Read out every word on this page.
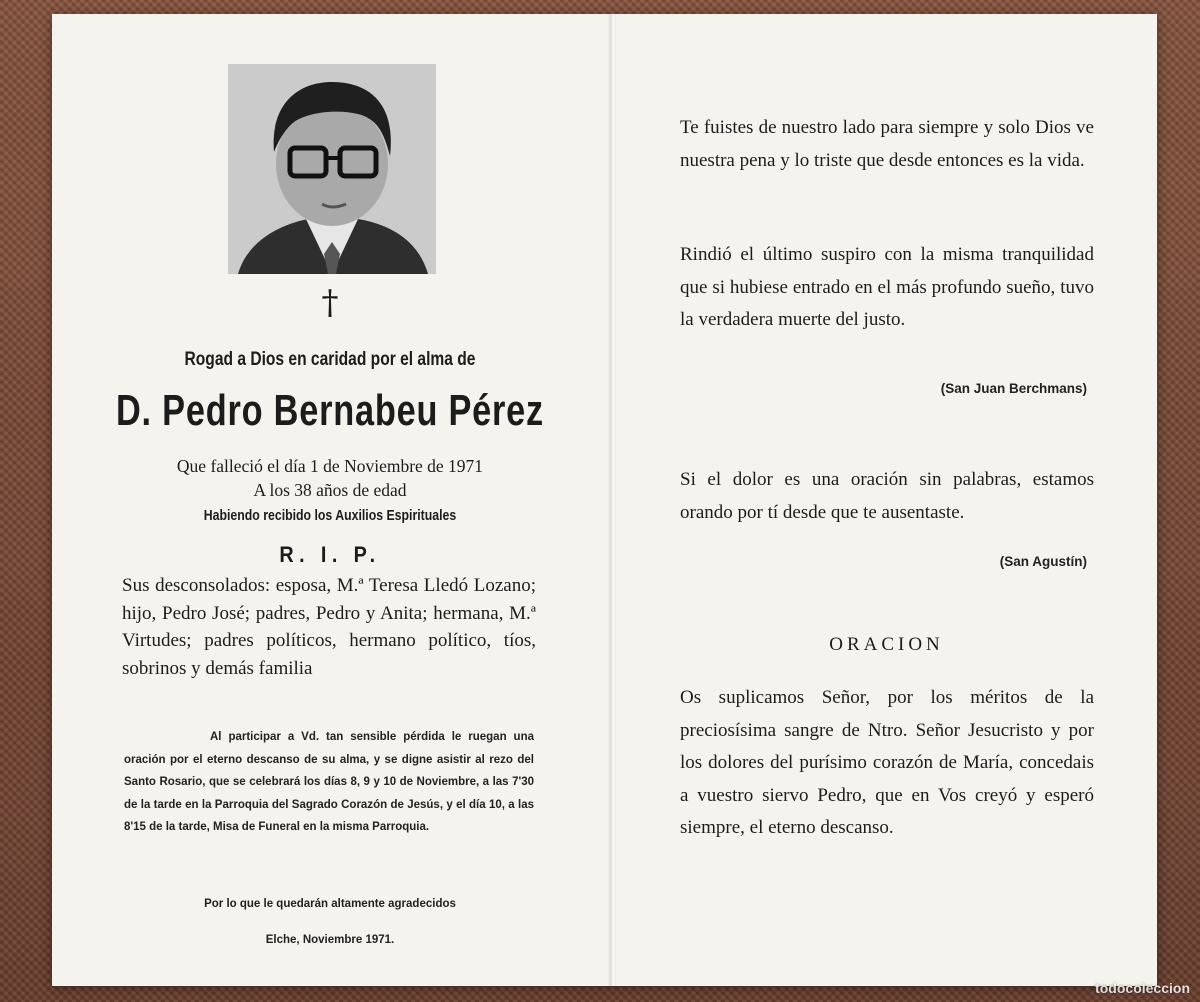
†

Rogad a Dios en caridad por el alma de

D. Pedro Bernabeu Pérez

Que falleció el día 1 de Noviembre de 1971

A los 38 años de edad

Habiendo recibido los Auxilios Espirituales

R. I. P.

Sus desconsolados: esposa, M.ª Teresa Lledó Lozano; hijo, Pedro José; padres, Pedro y Anita; hermana, M.ª Virtudes; padres políticos, hermano político, tíos, sobrinos y demás familia

Al participar a Vd. tan sensible pérdida le ruegan una oración por el eterno descanso de su alma, y se digne asistir al rezo del Santo Rosario, que se celebrará los días 8, 9 y 10 de Noviembre, a las 7'30 de la tarde en la Parroquia del Sagrado Corazón de Jesús, y el día 10, a las 8'15 de la tarde, Misa de Funeral en la misma Parroquia.

Por lo que le quedarán altamente agradecidos

Elche, Noviembre 1971.

Te fuistes de nuestro lado para siempre y solo Dios ve nuestra pena y lo triste que desde entonces es la vida.

Rindió el último suspiro con la misma tranquilidad que si hubiese entrado en el más profundo sueño, tuvo la verdadera muerte del justo.

(San Juan Berchmans)

Si el dolor es una oración sin palabras, estamos orando por tí desde que te ausentaste.

(San Agustín)

ORACION

Os suplicamos Señor, por los méritos de la preciosísima sangre de Ntro. Señor Jesucristo y por los dolores del purísimo corazón de María, concedais a vuestro siervo Pedro, que en Vos creyó y esperó siempre, el eterno descanso.

todocoleccion
